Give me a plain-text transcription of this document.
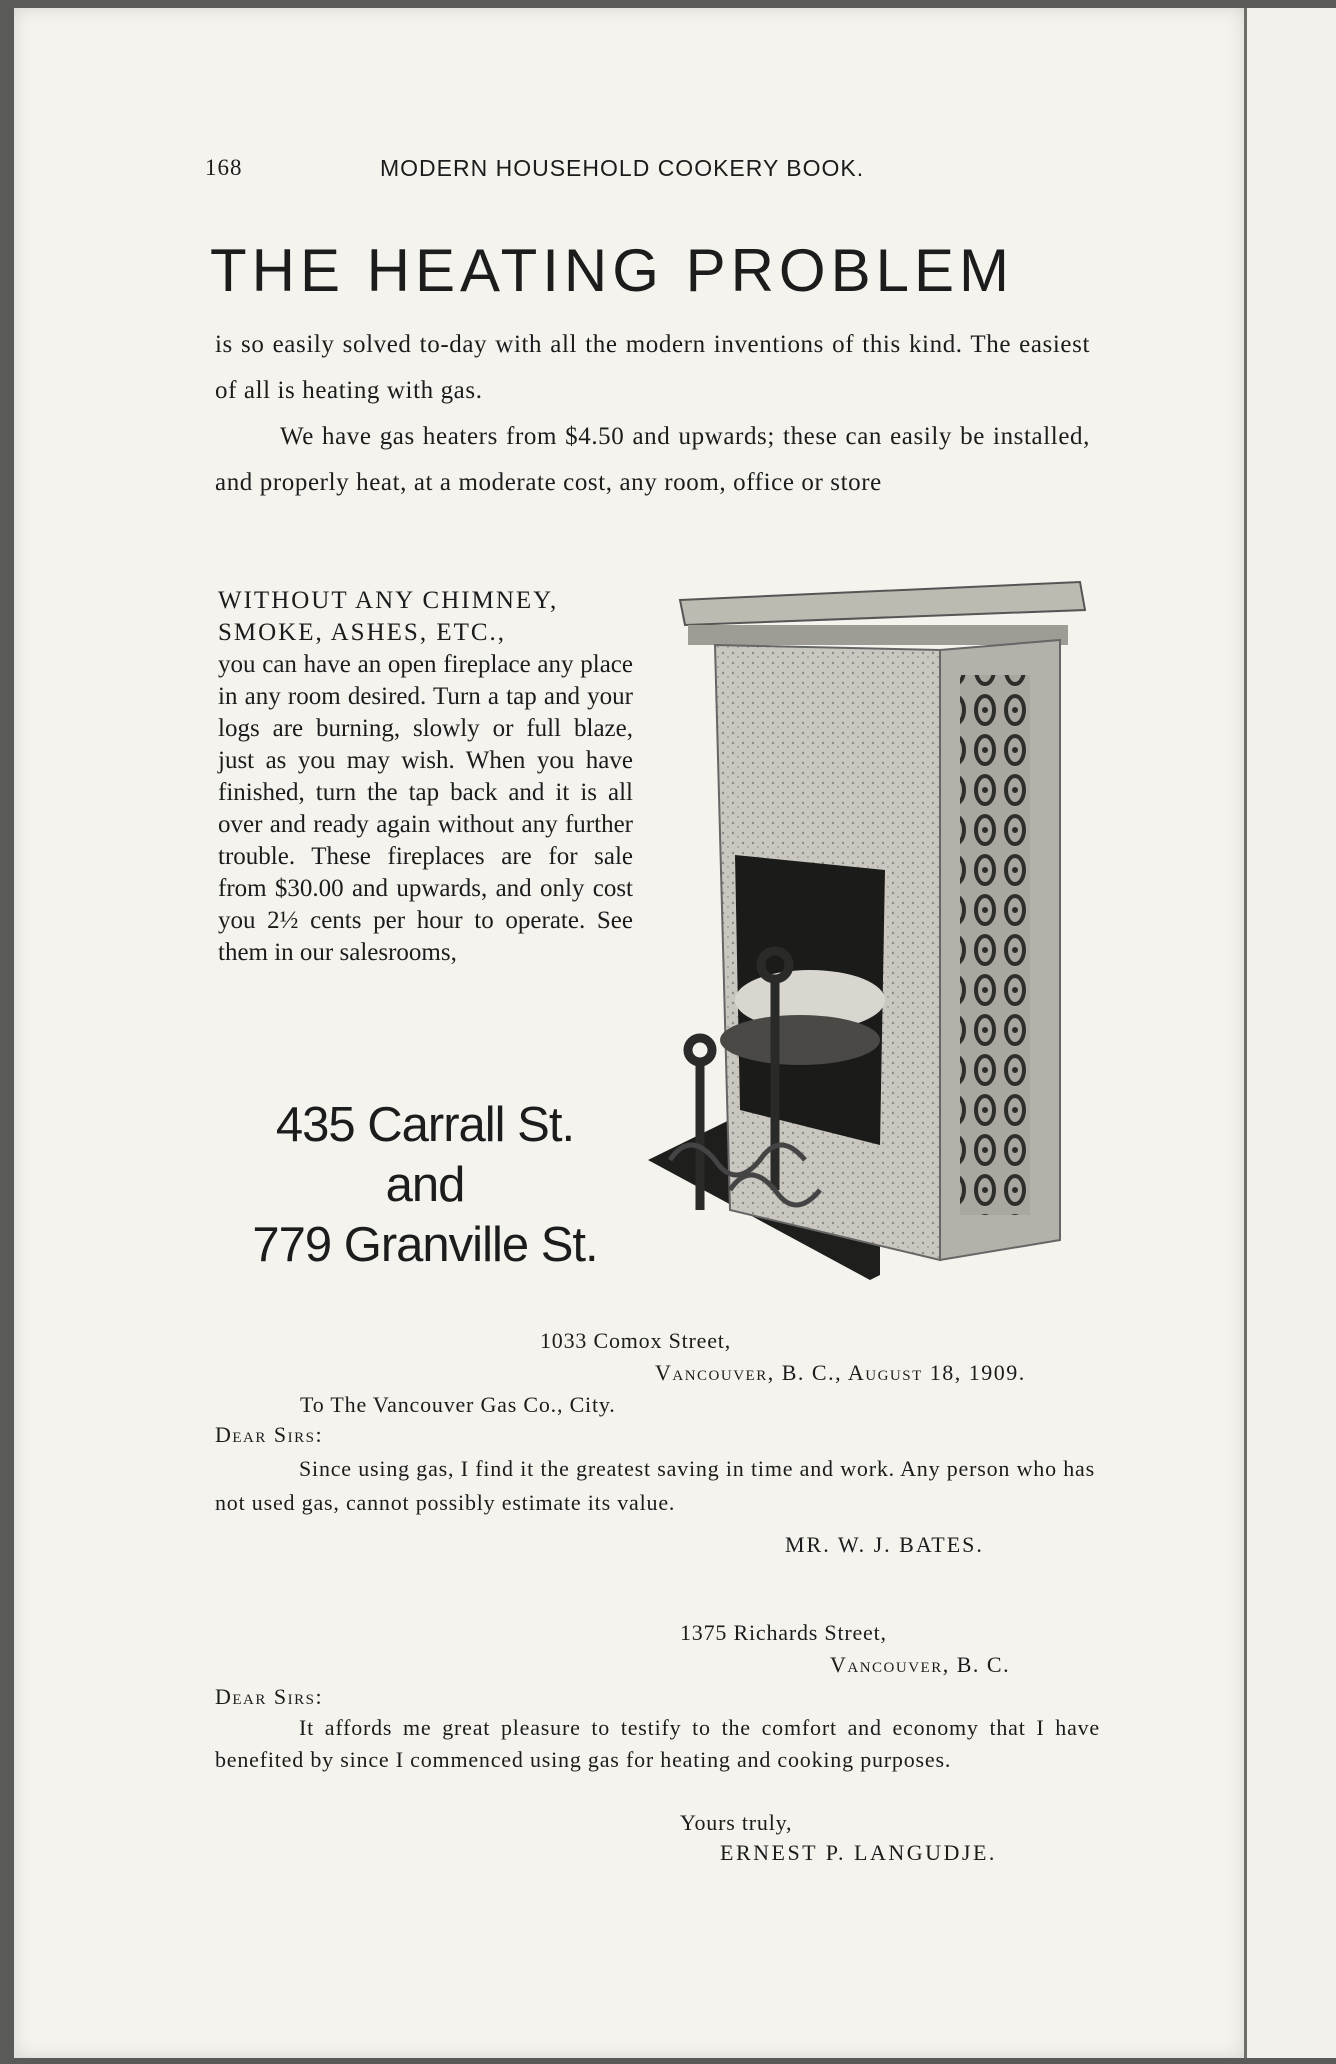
168	MODERN HOUSEHOLD COOKERY BOOK.
THE HEATING PROBLEM

is so easily solved to-day with all the modern inventions of this kind. The easiest of all is heating with gas.

We have gas heaters from $4.50 and upwards; these can easily be installed, and properly heat, at a moderate cost, any room, office or store

WITHOUT ANY CHIMNEY,
SMOKE, ASHES, ETC.,
you can have an open fireplace any place in any room desired. Turn a tap and your logs are burning, slowly or full blaze, just as you may wish. When you have finished, turn the tap back and it is all over and ready again without any further trouble. These fireplaces are for sale from $30.00 and upwards, and only cost you 2½ cents per hour to operate. See them in our salesrooms,
435 Carrall St.
and
779 Granville St.
1033 Comox Street,
Vancouver, B. C., August 18, 1909.
To The Vancouver Gas Co., City.
Dear Sirs:
Since using gas, I find it the greatest saving in time and work. Any person who has not used gas, cannot possibly estimate its value.
MR. W. J. BATES.
1375 Richards Street,
Vancouver, B. C.
Dear Sirs:
It affords me great pleasure to testify to the comfort and economy that I have benefited by since I commenced using gas for heating and cooking purposes.
Yours truly,
ERNEST P. LANGUDJE.
